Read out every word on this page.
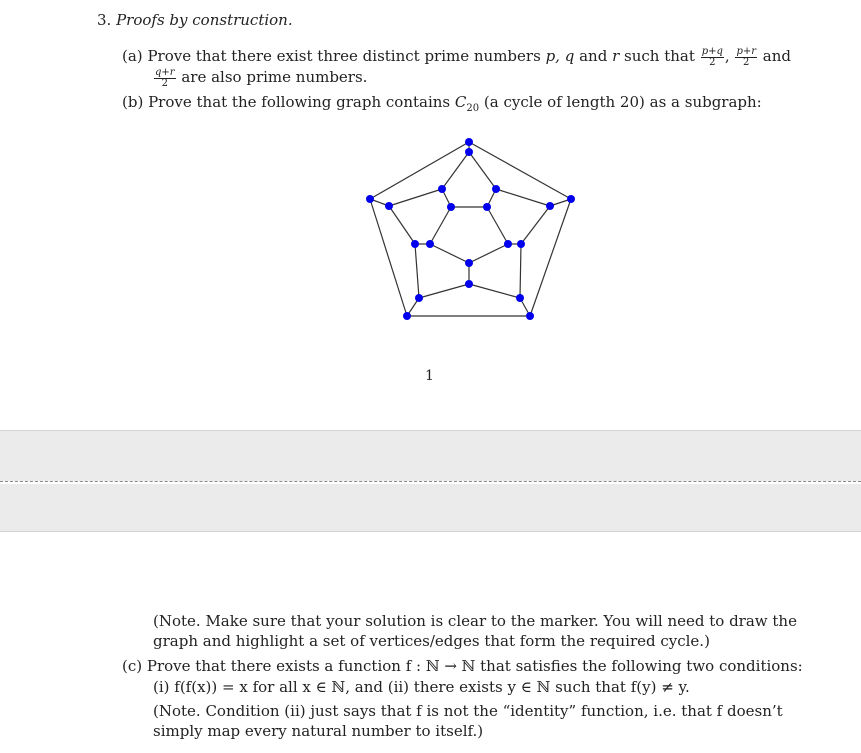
3. Proofs by construction.
(a) Prove that there exist three distinct prime numbers p, q and r such that $\frac{p+q}{2}$ , $\frac{p+r}{2}$ and
$\frac{q+r}{2}$ are also prime numbers.
(b) Prove that the following graph contains $C_{20}$ (a cycle of length 20) as a subgraph:
1
(Note. Make sure that your solution is clear to the marker. You will need to draw the
graph and highlight a set of vertices/edges that form the required cycle.)
(c) Prove that there exists a function f : ℕ → ℕ that satisfies the following two conditions:
(i) f(f(x)) = x for all x ∈ ℕ, and (ii) there exists y ∈ ℕ such that f(y) ≠ y.
(Note. Condition (ii) just says that f is not the “identity” function, i.e. that f doesn’t
simply map every natural number to itself.)
